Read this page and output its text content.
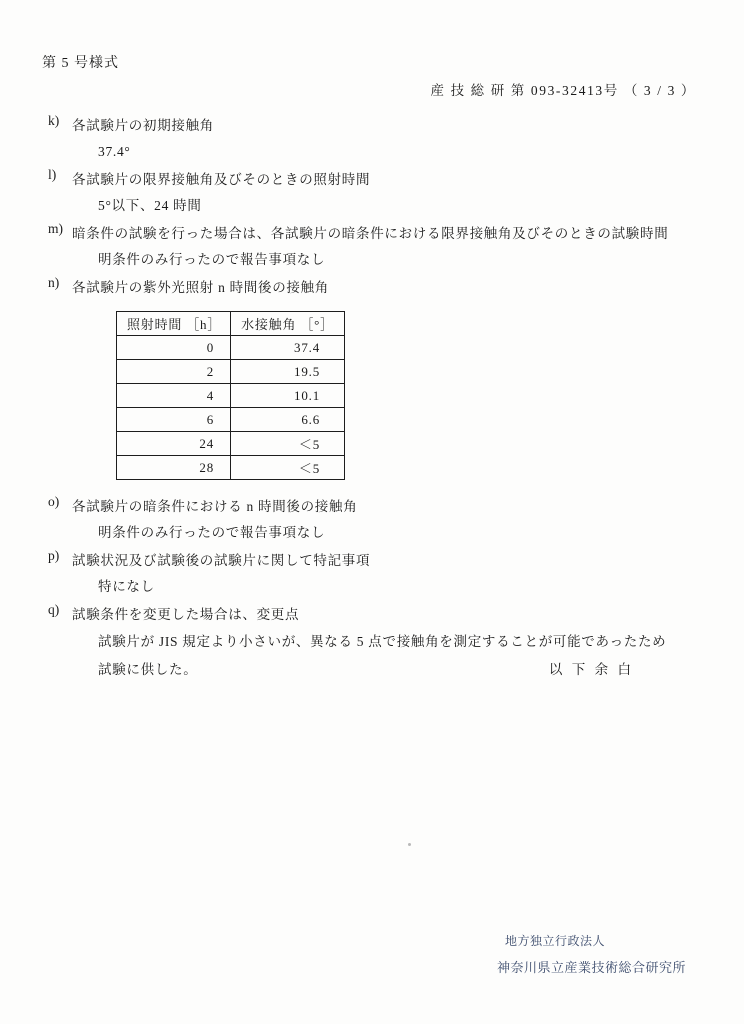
第 5 号様式
産 技 総 研 第 093-32413号 （ 3 / 3 ）
k) 各試験片の初期接触角
37.4°
l)	各試験片の限界接触角及びそのときの照射時間
5°以下、24 時間
m) 暗条件の試験を行った場合は、各試験片の暗条件における限界接触角及びそのときの試験時間
明条件のみ行ったので報告事項なし
n) 各試験片の紫外光照射 n 時間後の接触角
照射時間 ［h］	水接触角 ［°］
0	37.4
2	19.5
4	10.1
6	6.6
24	＜5
28	＜5
o) 各試験片の暗条件における n 時間後の接触角
明条件のみ行ったので報告事項なし
p) 試験状況及び試験後の試験片に関して特記事項
特になし
q) 試験条件を変更した場合は、変更点
試験片が JIS 規定より小さいが、異なる 5 点で接触角を測定することが可能であったため
試験に供した。	以 下 余 白
地方独立行政法人
神奈川県立産業技術総合研究所
